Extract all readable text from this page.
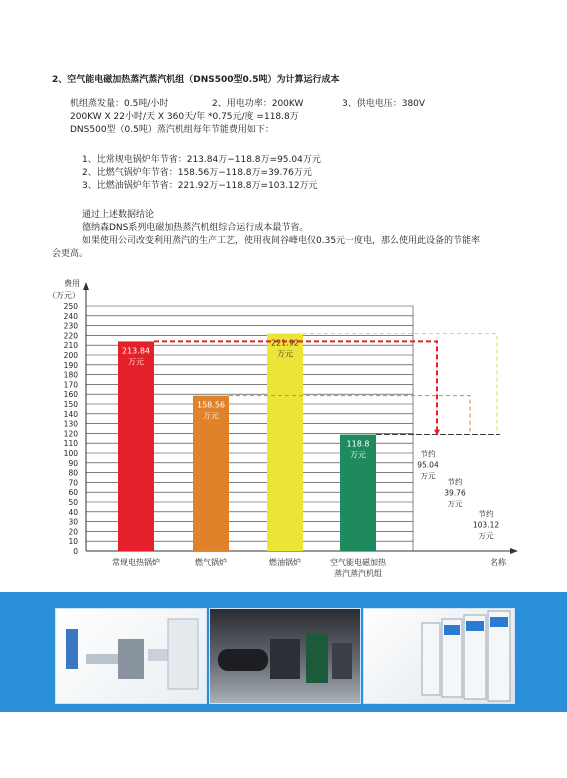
2、空气能电磁加热蒸汽蒸汽机组（DNS500型0.5吨）为计算运行成本
机组蒸发量：0.5吨/小时	2、用电功率：200KW	3、供电电压：380V
200KW X 22小时/天 X 360天/年 *0.75元/度 =118.8万
DNS500型（0.5吨）蒸汽机组每年节能费用如下：
1、比常规电锅炉年节省：213.84万−118.8万=95.04万元
2、比燃气锅炉年节省：158.56万−118.8万=39.76万元
3、比燃油锅炉年节省：221.92万−118.8万=103.12万元
通过上述数据结论
德纳森DNS系列电磁加热蒸汽机组综合运行成本最节省。
如果使用公司改变利用蒸汽的生产工艺，使用夜间谷峰电仅0.35元一度电，那么使用此设备的节能率
会更高。
费用
（万元）
0
10
20
30
40
50
60
70
80
90
100
110
120
130
140
150
160
170
180
190
200
210
220
230
240
250
名称
213.84
万元
常规电热锅炉
158.56
万元
燃气锅炉
221.92
万元
燃油锅炉
118.8
万元
空气能电磁加热
蒸汽蒸汽机组
节约
95.04
万元
节约
39.76
万元
节约
103.12
万元
